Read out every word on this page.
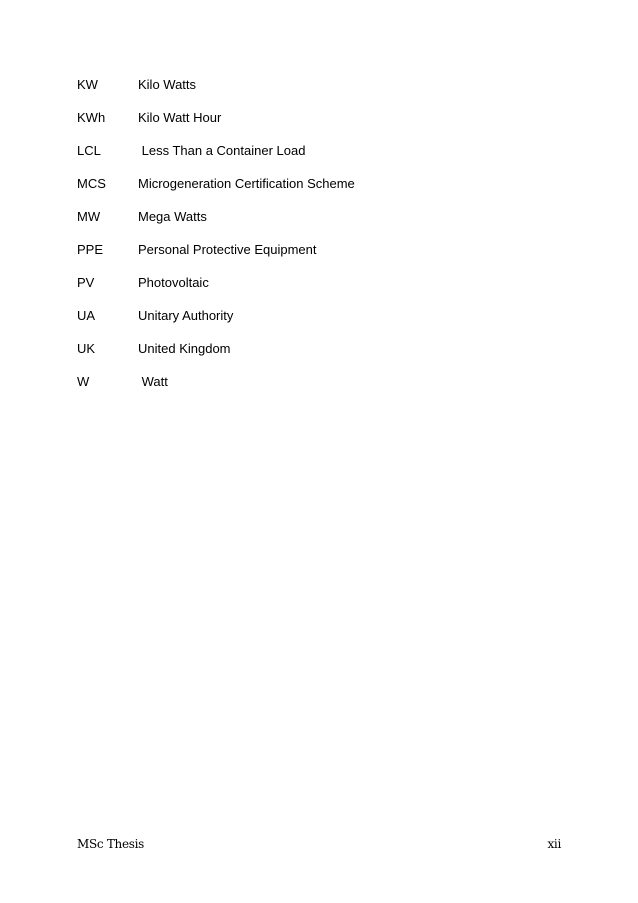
KW	Kilo Watts
KWh	Kilo Watt Hour
LCL	Less Than a Container Load
MCS Microgeneration Certification Scheme
MW	Mega Watts
PPE	Personal Protective Equipment
PV	Photovoltaic
UA	Unitary Authority
UK	United Kingdom
W	Watt
MSc Thesis	xii
